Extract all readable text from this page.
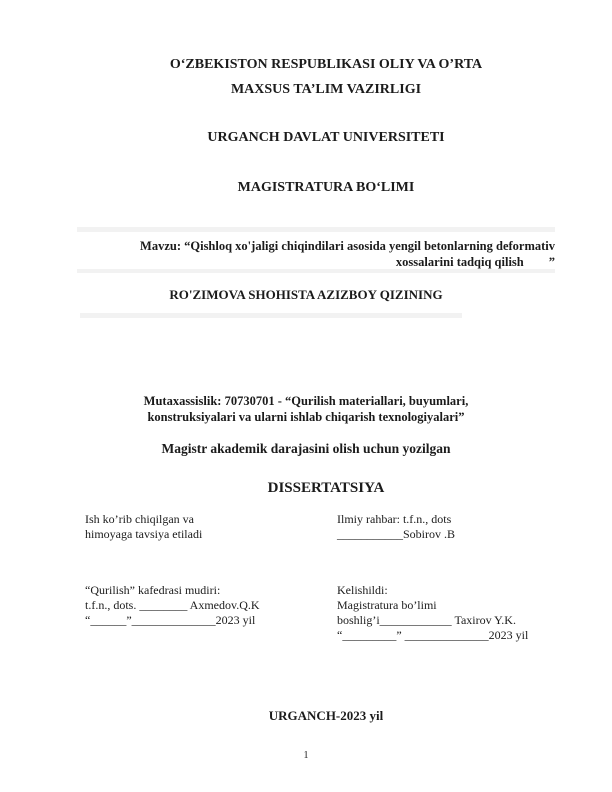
O‘ZBEKISTON RESPUBLIKASI OLIY VA O’RTA
MAXSUS TA’LIM VAZIRLIGI
URGANCH DAVLAT UNIVERSITETI
MAGISTRATURA BO‘LIMI
Mavzu: “Qishloq xo'jaligi chiqindilari asosida yengil betonlarning deformativ
xossalarini tadqiq qilish        ”
RO'ZIMOVA SHOHISTA AZIZBOY QIZINING
Mutaxassislik: 70730701 - “Qurilish materiallari, buyumlari,
konstruksiyalari va ularni ishlab chiqarish texnologiyalari”
Magistr akademik darajasini olish uchun yozilgan
DISSERTATSIYA
Ish ko’rib chiqilgan va
himoyaga tavsiya etiladi
Ilmiy rahbar: t.f.n., dots
___________Sobirov .B
“Qurilish” kafedrasi mudiri:
t.f.n., dots. ________ Axmedov.Q.K
“______”______________2023 yil
Kelishildi:
Magistratura bo’limi
boshlig’i____________ Taxirov Y.K.
“_________” ______________2023 yil
URGANCH-2023 yil
1
